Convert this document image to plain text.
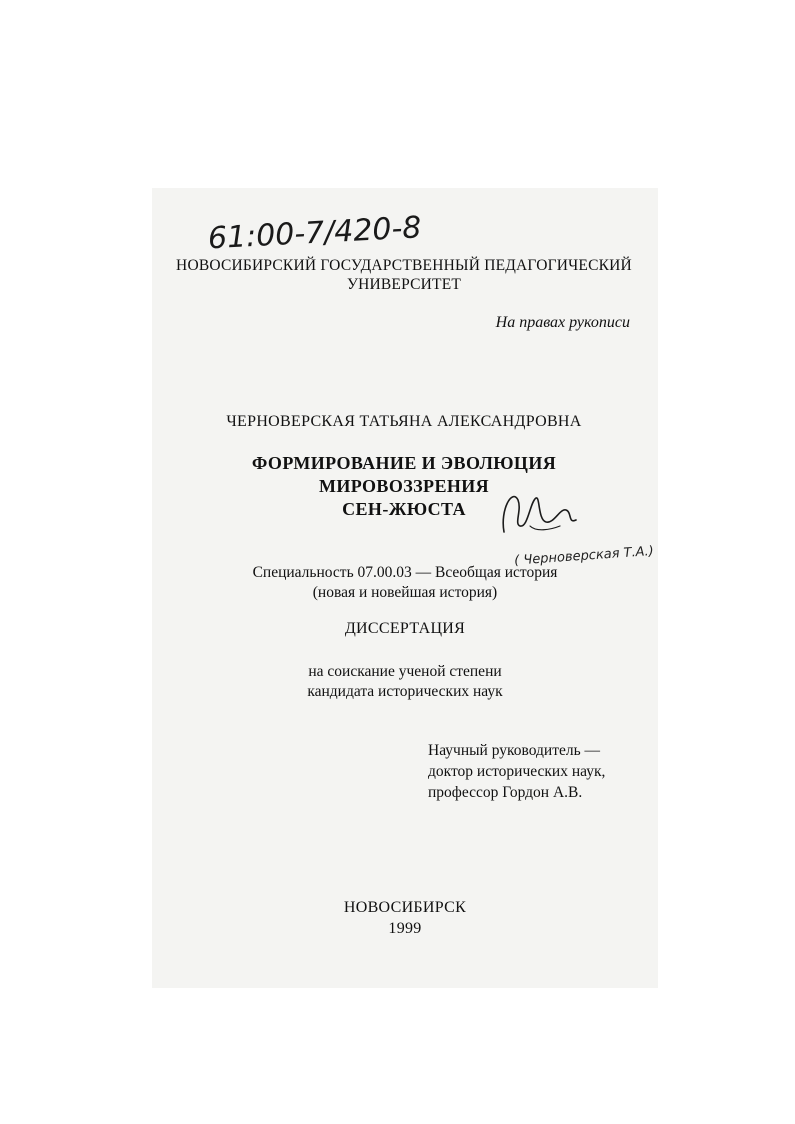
61:00-7/420-8
НОВОСИБИРСКИЙ ГОСУДАРСТВЕННЫЙ ПЕДАГОГИЧЕСКИЙ
УНИВЕРСИТЕТ
На правах рукописи
ЧЕРНОВЕРСКАЯ ТАТЬЯНА АЛЕКСАНДРОВНА
ФОРМИРОВАНИЕ И ЭВОЛЮЦИЯ
МИРОВОЗЗРЕНИЯ
СЕН-ЖЮСТА
( Черноверская Т.А.)
Специальность 07.00.03 — Всеобщая история
(новая и новейшая история)
ДИССЕРТАЦИЯ
на соискание ученой степени
кандидата исторических наук
Научный руководитель —
доктор исторических наук,
профессор Гордон А.В.
НОВОСИБИРСК
1999
